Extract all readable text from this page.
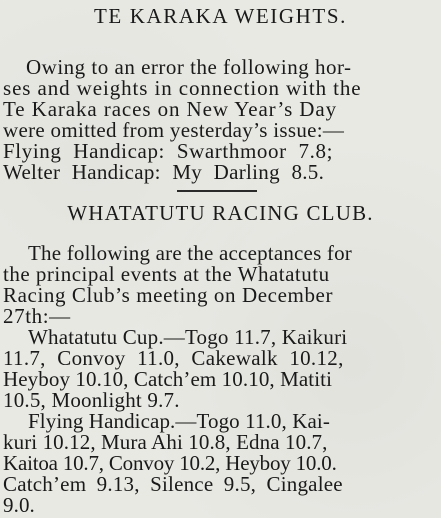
TE KARAKA WEIGHTS.
Owing to an error the following hor-
ses and weights in connection with the
Te Karaka races on New Year’s Day
were omitted from yesterday’s issue:—
Flying Handicap: Swarthmoor 7.8;
Welter Handicap: My Darling 8.5.
WHATATUTU RACING CLUB.
The following are the acceptances for
the principal events at the Whatatutu
Racing Club’s meeting on December
27th:—
Whatatutu Cup.—Togo 11.7, Kaikuri
11.7, Convoy 11.0, Cakewalk 10.12,
Heyboy 10.10, Catch’em 10.10, Matiti
10.5, Moonlight 9.7.
Flying Handicap.—Togo 11.0, Kai-
kuri 10.12, Mura Ahi 10.8, Edna 10.7,
Kaitoa 10.7, Convoy 10.2, Heyboy 10.0.
Catch’em 9.13, Silence 9.5, Cingalee
9.0.
